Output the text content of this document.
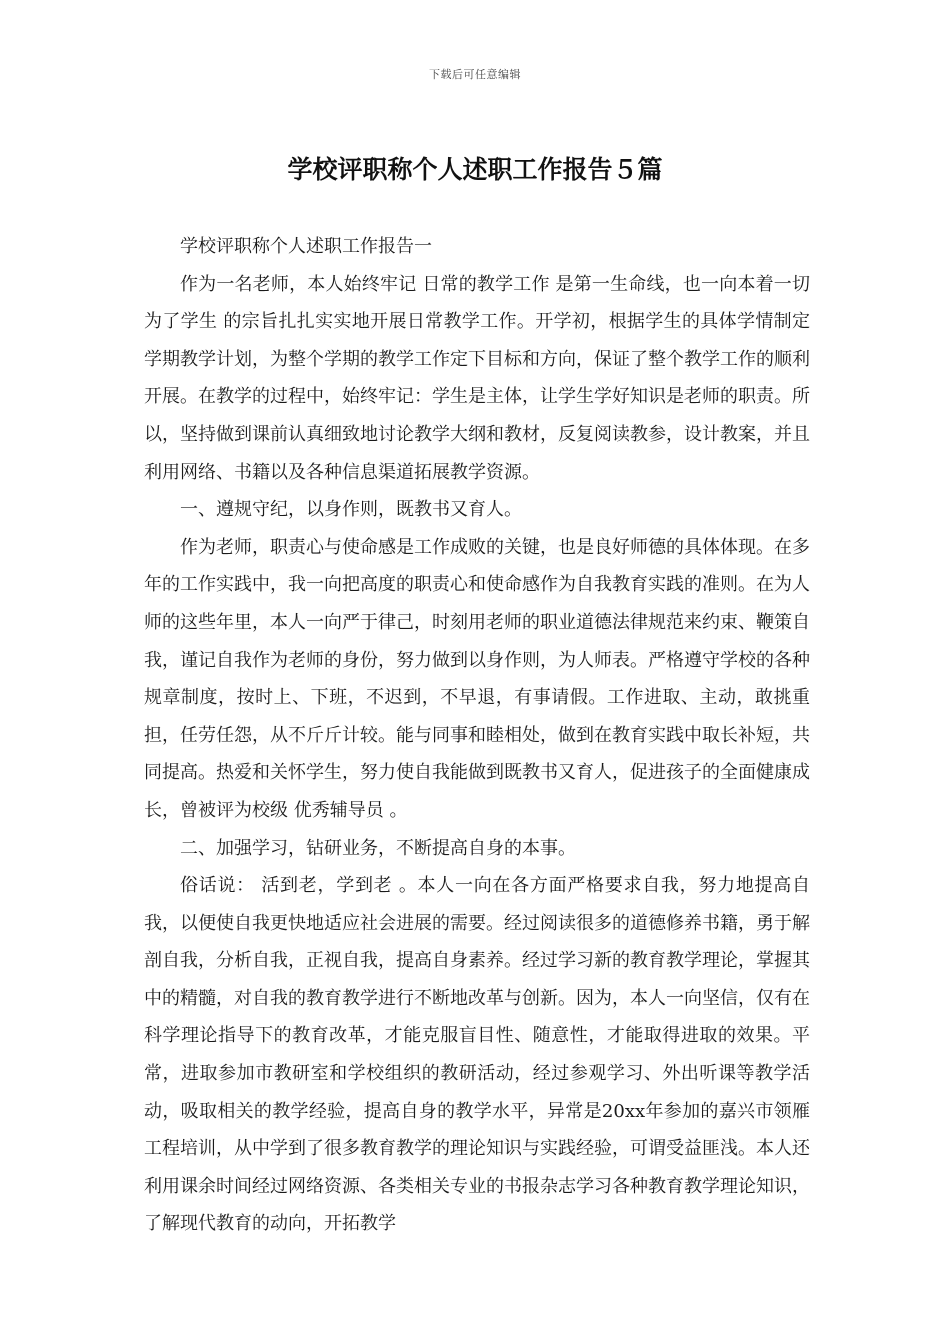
下载后可任意编辑
学校评职称个人述职工作报告５篇

学校评职称个人述职工作报告一

作为一名老师，本人始终牢记 日常的教学工作 是第一生命线，也一向本着一切为了学生 的宗旨扎扎实实地开展日常教学工作。开学初，根据学生的具体学情制定学期教学计划，为整个学期的教学工作定下目标和方向，保证了整个教学工作的顺利开展。在教学的过程中，始终牢记：学生是主体，让学生学好知识是老师的职责。所以，坚持做到课前认真细致地讨论教学大纲和教材，反复阅读教参，设计教案，并且利用网络、书籍以及各种信息渠道拓展教学资源。

一、遵规守纪，以身作则，既教书又育人。

作为老师，职责心与使命感是工作成败的关键，也是良好师德的具体体现。在多年的工作实践中，我一向把高度的职责心和使命感作为自我教育实践的准则。在为人师的这些年里，本人一向严于律己，时刻用老师的职业道德法律规范来约束、鞭策自我，谨记自我作为老师的身份，努力做到以身作则，为人师表。严格遵守学校的各种规章制度，按时上、下班，不迟到，不早退，有事请假。工作进取、主动，敢挑重担，任劳任怨，从不斤斤计较。能与同事和睦相处，做到在教育实践中取长补短，共同提高。热爱和关怀学生，努力使自我能做到既教书又育人，促进孩子的全面健康成长，曾被评为校级 优秀辅导员 。

二、加强学习，钻研业务，不断提高自身的本事。

俗话说： 活到老，学到老 。本人一向在各方面严格要求自我，努力地提高自我，以便使自我更快地适应社会进展的需要。经过阅读很多的道德修养书籍，勇于解剖自我，分析自我，正视自我，提高自身素养。经过学习新的教育教学理论，掌握其中的精髓，对自我的教育教学进行不断地改革与创新。因为，本人一向坚信，仅有在科学理论指导下的教育改革，才能克服盲目性、随意性，才能取得进取的效果。平常，进取参加市教研室和学校组织的教研活动，经过参观学习、外出听课等教学活动，吸取相关的教学经验，提高自身的教学水平，异常是20xx年参加的嘉兴市领雁工程培训，从中学到了很多教育教学的理论知识与实践经验，可谓受益匪浅。本人还利用课余时间经过网络资源、各类相关专业的书报杂志学习各种教育教学理论知识，了解现代教育的动向，开拓教学
